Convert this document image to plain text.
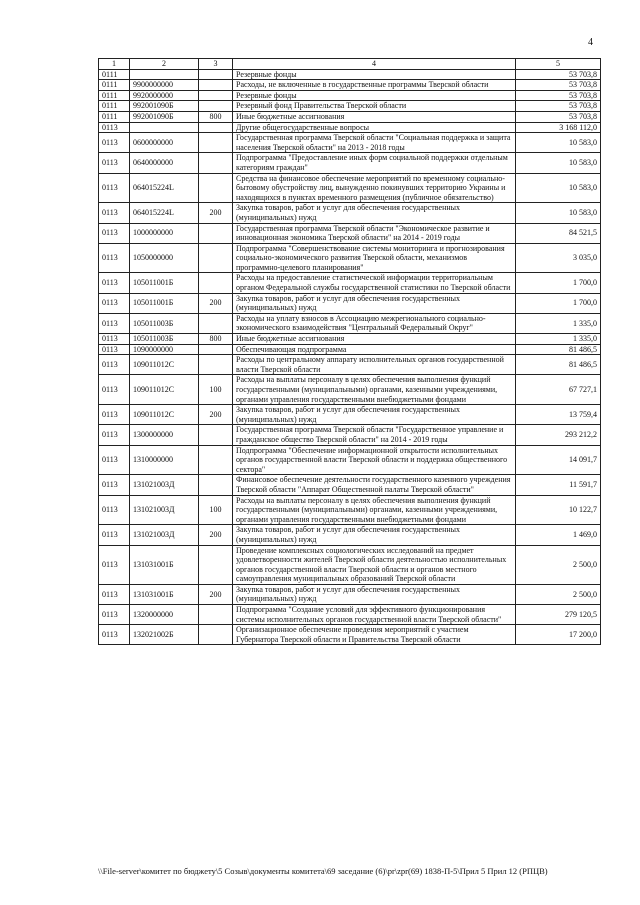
4
1	2	3	4	5
0111			Резервные фонды	53 703,8
0111	9900000000		Расходы, не включенные в государственные программы Тверской области	53 703,8
0111	9920000000		Резервные фонды	53 703,8
0111	992001090Б		Резервный фонд Правительства Тверской области	53 703,8
0111	992001090Б	800	Иные бюджетные ассигнования	53 703,8
0113			Другие общегосударственные вопросы	3 168 112,0
0113	0600000000		Государственная программа Тверской области "Социальная поддержка и защита населения Тверской области" на 2013 - 2018 годы	10 583,0
0113	0640000000		Подпрограмма "Предоставление иных форм социальной поддержки отдельным категориям граждан"	10 583,0
0113	064015224L		Средства на финансовое обеспечение мероприятий по временному социально-бытовому обустройству лиц, вынужденно покинувших территорию Украины и находящихся в пунктах временного размещения (публичное обязательство)	10 583,0
0113	064015224L	200	Закупка товаров, работ и услуг для обеспечения государственных (муниципальных) нужд	10 583,0
0113	1000000000		Государственная программа Тверской области "Экономическое развитие и инновационная экономика Тверской области" на 2014 - 2019 годы	84 521,5
0113	1050000000		Подпрограмма "Совершенствование системы мониторинга и прогнозирования социально-экономического развития Тверской области, механизмов программно-целевого планирования"	3 035,0
0113	105011001Б		Расходы на предоставление статистической информации территориальным органом Федеральной службы государственной статистики по Тверской области	1 700,0
0113	105011001Б	200	Закупка товаров, работ и услуг для обеспечения государственных (муниципальных) нужд	1 700,0
0113	105011003Б		Расходы на уплату взносов в Ассоциацию межрегионального социально-экономического взаимодействия "Центральный Федеральный Округ"	1 335,0
0113	105011003Б	800	Иные бюджетные ассигнования	1 335,0
0113	1090000000		Обеспечивающая подпрограмма	81 486,5
0113	109011012С		Расходы по центральному аппарату исполнительных органов государственной власти Тверской области	81 486,5
0113	109011012С	100	Расходы на выплаты персоналу в целях обеспечения выполнения функций государственными (муниципальными) органами, казенными учреждениями, органами управления государственными внебюджетными фондами	67 727,1
0113	109011012С	200	Закупка товаров, работ и услуг для обеспечения государственных (муниципальных) нужд	13 759,4
0113	1300000000		Государственная программа Тверской области "Государственное управление и гражданское общество Тверской области" на 2014 - 2019 годы	293 212,2
0113	1310000000		Подпрограмма "Обеспечение информационной открытости исполнительных органов государственной власти Тверской области и поддержка общественного сектора"	14 091,7
0113	131021003Д		Финансовое обеспечение деятельности государственного казенного учреждения Тверской области "Аппарат Общественной палаты Тверской области"	11 591,7
0113	131021003Д	100	Расходы на выплаты персоналу в целях обеспечения выполнения функций государственными (муниципальными) органами, казенными учреждениями, органами управления государственными внебюджетными фондами	10 122,7
0113	131021003Д	200	Закупка товаров, работ и услуг для обеспечения государственных (муниципальных) нужд	1 469,0
0113	131031001Б		Проведение комплексных социологических исследований на предмет удовлетворенности жителей Тверской области деятельностью исполнительных органов государственной власти Тверской области и органов местного самоуправления муниципальных образований Тверской области	2 500,0
0113	131031001Б	200	Закупка товаров, работ и услуг для обеспечения государственных (муниципальных) нужд	2 500,0
0113	1320000000		Подпрограмма "Создание условий для эффективного функционирования системы исполнительных органов государственной власти Тверской области"	279 120,5
0113	132021002Б		Организационное обеспечение проведения мероприятий с участием Губернатора Тверской области и Правительства Тверской области	17 200,0
\\File-server\комитет по бюджету\5 Созыв\документы комитета\69 заседание (6)\pr\zpr(69) 1838-П-5\Прил 5 Прил 12 (РПЦВ)
